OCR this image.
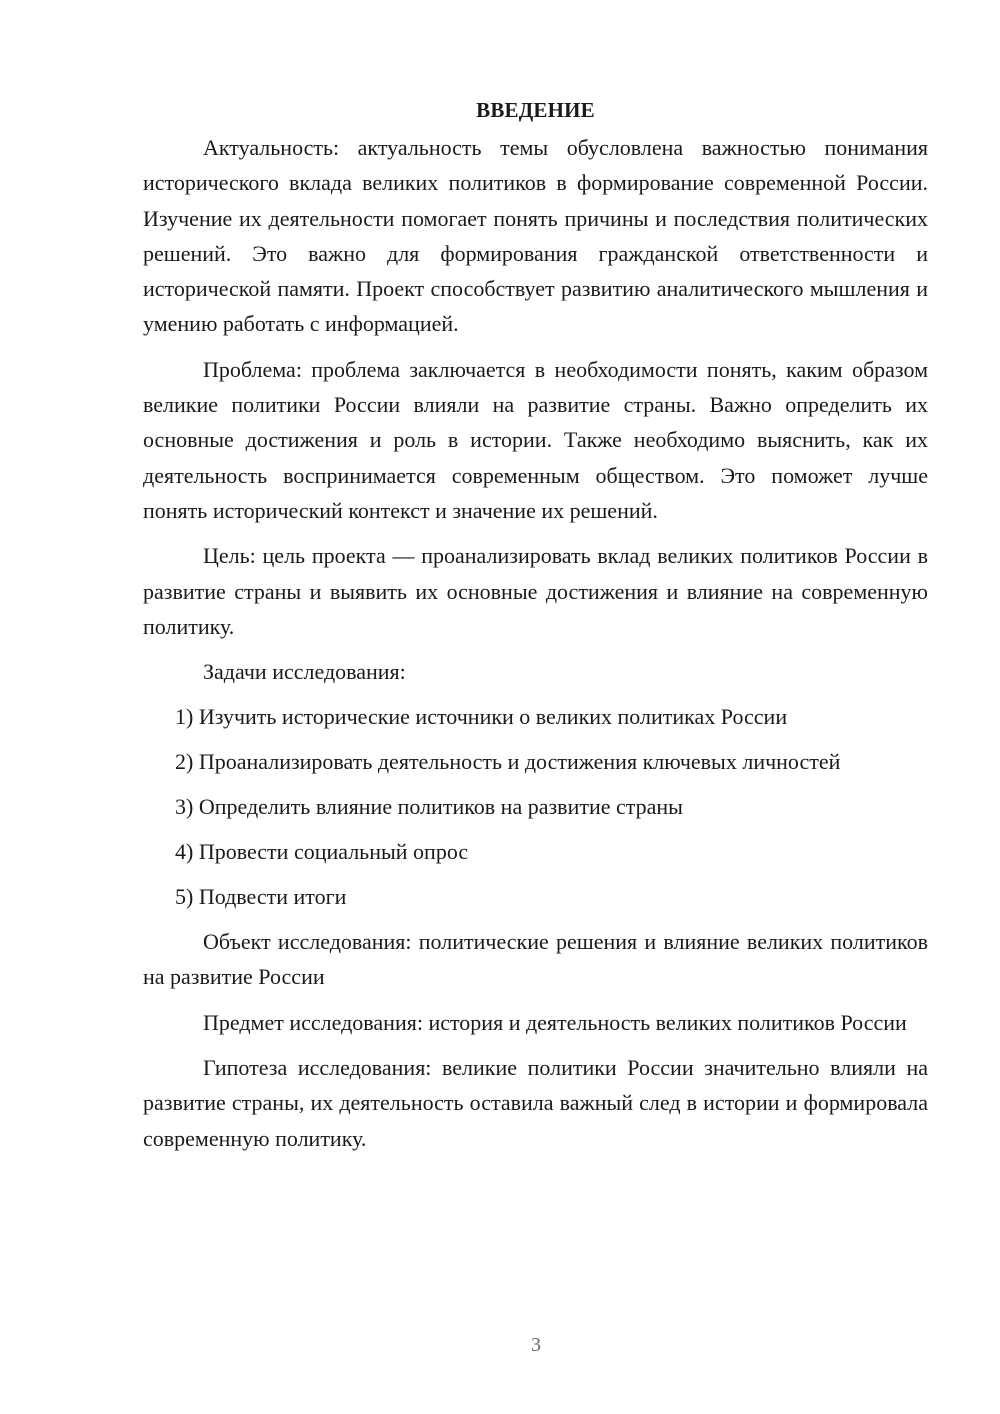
ВВЕДЕНИЕ

Актуальность: актуальность темы обусловлена важностью понимания исторического вклада великих политиков в формирование современной России. Изучение их деятельности помогает понять причины и последствия политических решений. Это важно для формирования гражданской ответственности и исторической памяти. Проект способствует развитию аналитического мышления и умению работать с информацией.

Проблема: проблема заключается в необходимости понять, каким образом великие политики России влияли на развитие страны. Важно определить их основные достижения и роль в истории. Также необходимо выяснить, как их деятельность воспринимается современным обществом. Это поможет лучше понять исторический контекст и значение их решений.

Цель: цель проекта — проанализировать вклад великих политиков России в развитие страны и выявить их основные достижения и влияние на современную политику.

Задачи исследования:

1) Изучить исторические источники о великих политиках России
2) Проанализировать деятельность и достижения ключевых личностей
3) Определить влияние политиков на развитие страны
4) Провести социальный опрос
5) Подвести итоги

Объект исследования: политические решения и влияние великих политиков на развитие России

Предмет исследования: история и деятельность великих политиков России

Гипотеза исследования: великие политики России значительно влияли на развитие страны, их деятельность оставила важный след в истории и формировала современную политику.

3
